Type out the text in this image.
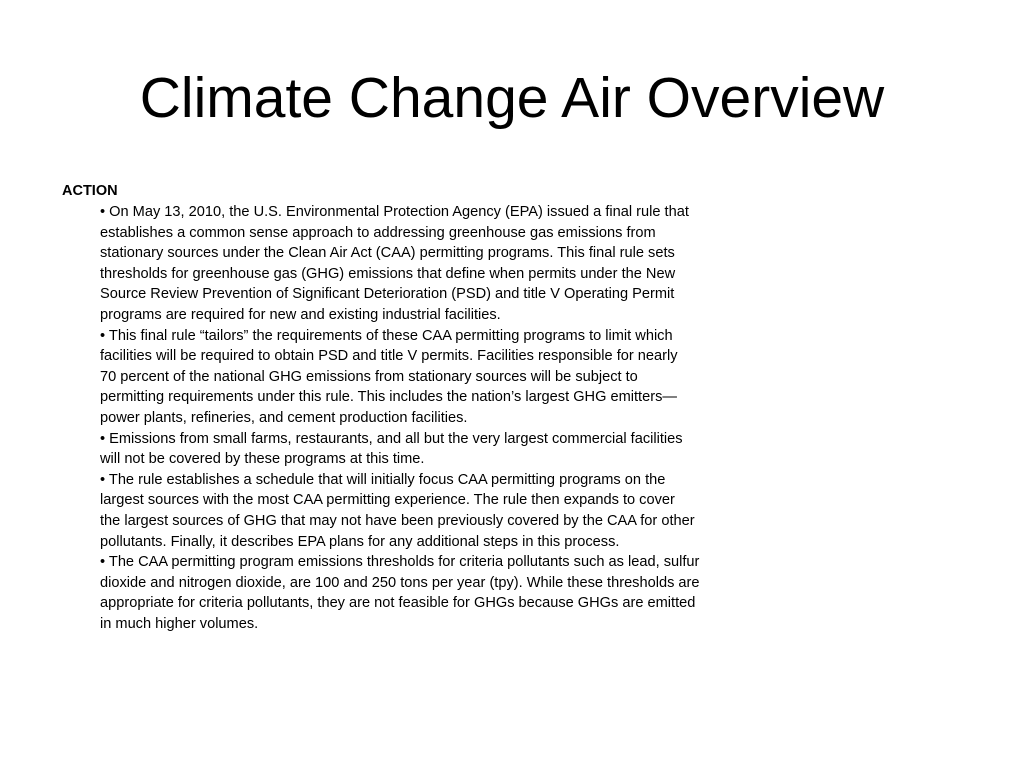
Climate Change Air Overview

ACTION

• On May 13, 2010, the U.S. Environmental Protection Agency (EPA) issued a final rule that
establishes a common sense approach to addressing greenhouse gas emissions from
stationary sources under the Clean Air Act (CAA) permitting programs. This final rule sets
thresholds for greenhouse gas (GHG) emissions that define when permits under the New
Source Review Prevention of Significant Deterioration (PSD) and title V Operating Permit
programs are required for new and existing industrial facilities.
• This final rule “tailors” the requirements of these CAA permitting programs to limit which
facilities will be required to obtain PSD and title V permits. Facilities responsible for nearly
70 percent of the national GHG emissions from stationary sources will be subject to
permitting requirements under this rule. This includes the nation’s largest GHG emitters—
power plants, refineries, and cement production facilities.
• Emissions from small farms, restaurants, and all but the very largest commercial facilities
will not be covered by these programs at this time.
• The rule establishes a schedule that will initially focus CAA permitting programs on the
largest sources with the most CAA permitting experience. The rule then expands to cover
the largest sources of GHG that may not have been previously covered by the CAA for other
pollutants. Finally, it describes EPA plans for any additional steps in this process.
• The CAA permitting program emissions thresholds for criteria pollutants such as lead, sulfur
dioxide and nitrogen dioxide, are 100 and 250 tons per year (tpy). While these thresholds are
appropriate for criteria pollutants, they are not feasible for GHGs because GHGs are emitted
in much higher volumes.
